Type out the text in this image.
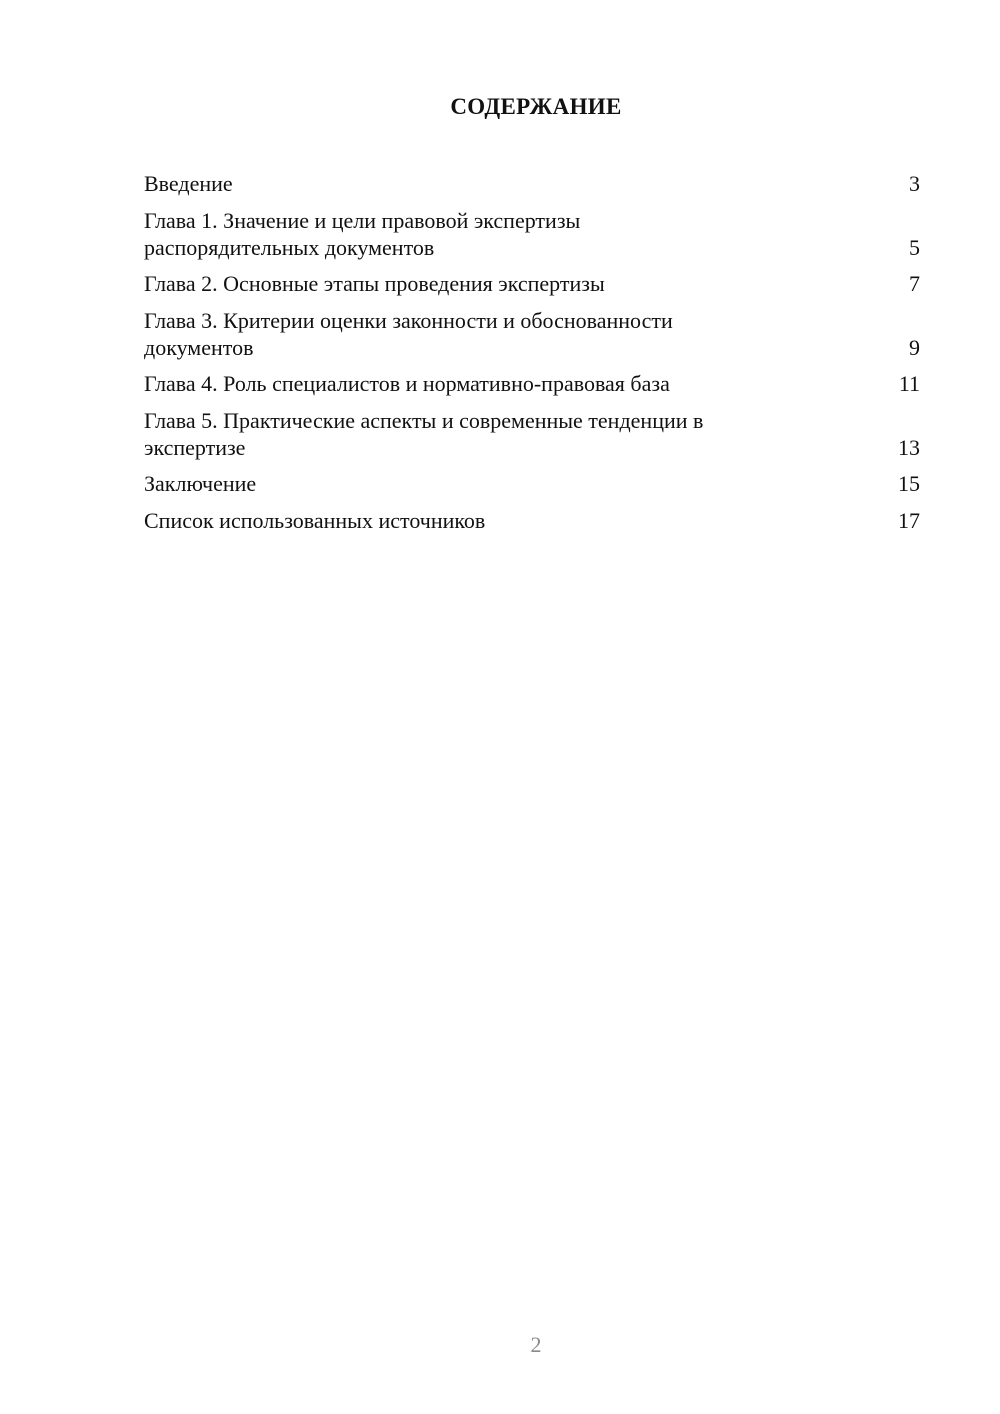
СОДЕРЖАНИЕ
Введение	3
Глава 1. Значение и цели правовой экспертизы распорядительных документов	5
Глава 2. Основные этапы проведения экспертизы	7
Глава 3. Критерии оценки законности и обоснованности документов	9
Глава 4. Роль специалистов и нормативно-правовая база	11
Глава 5. Практические аспекты и современные тенденции в экспертизе	13
Заключение	15
Список использованных источников	17
2
